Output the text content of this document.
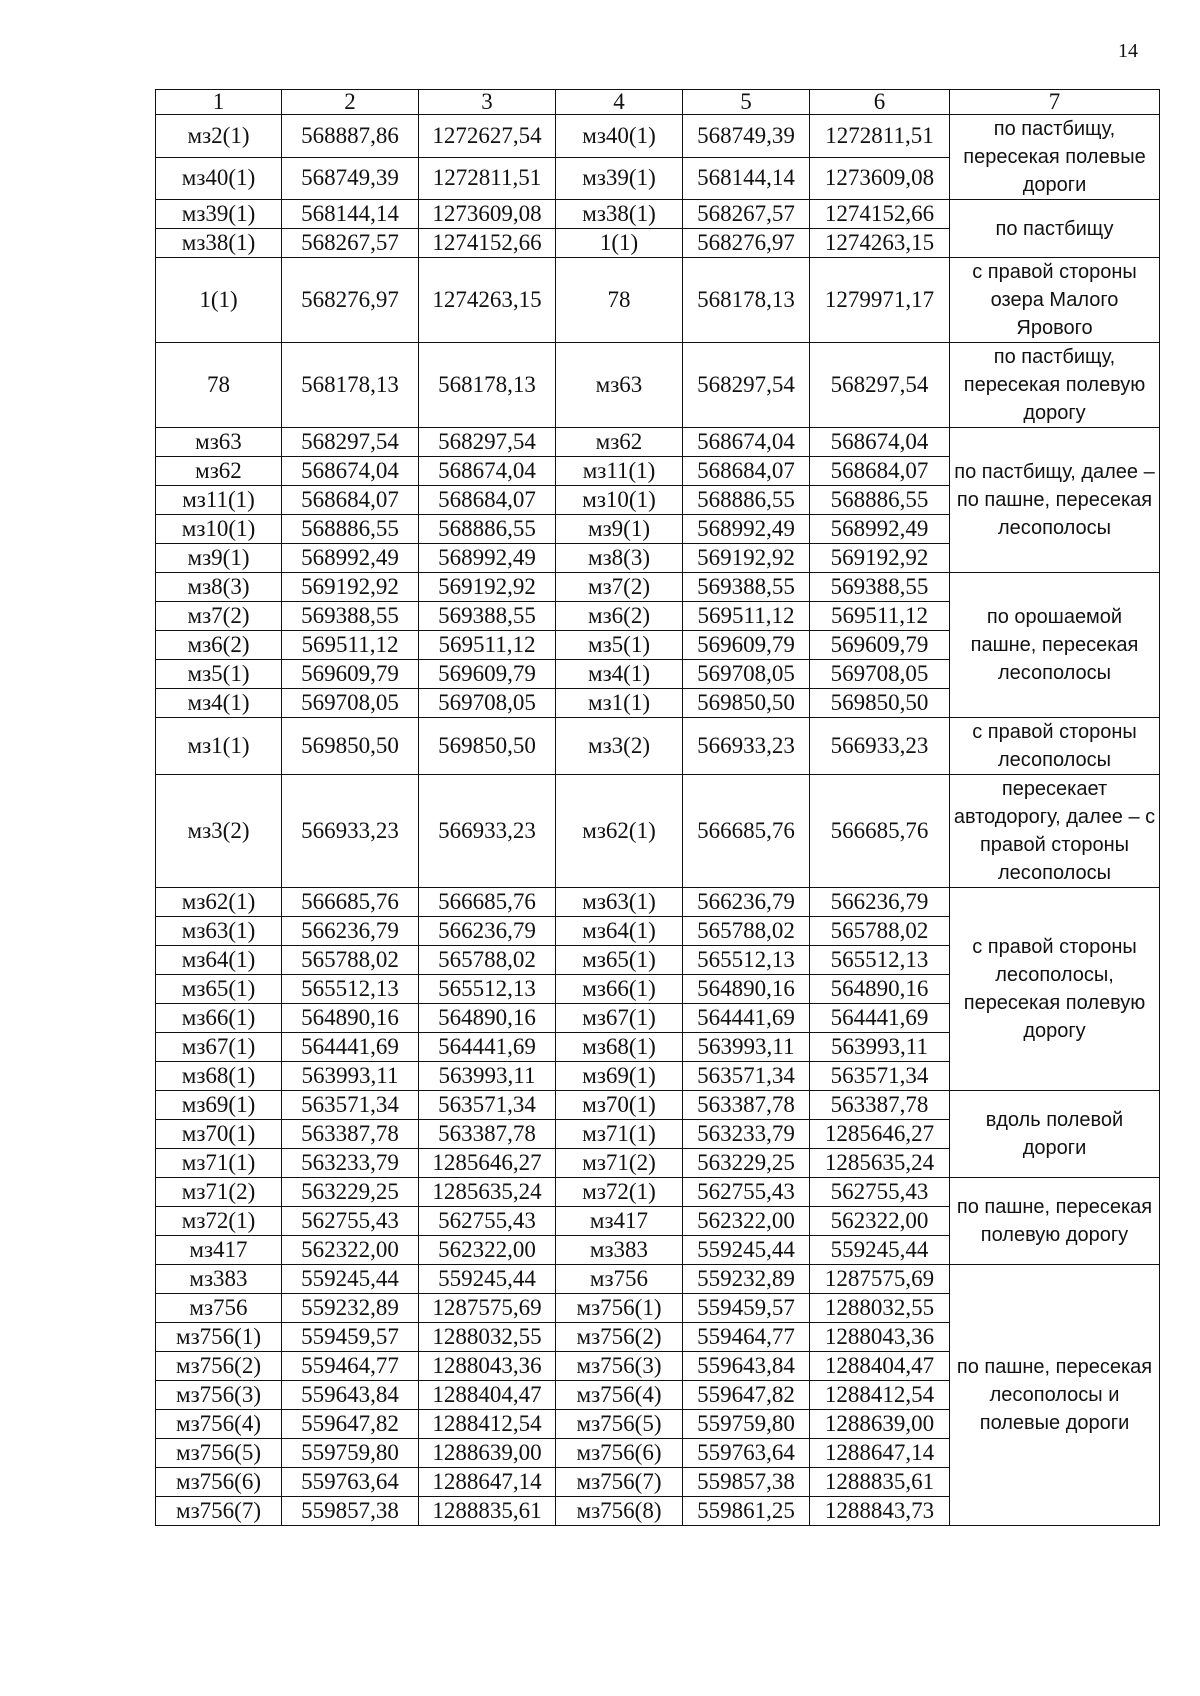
14
1	2	3	4	5	6	7
мз2(1)	568887,86	1272627,54	мз40(1)	568749,39	1272811,51	по пастбищу, пересекая полевые дороги
мз40(1)	568749,39	1272811,51	мз39(1)	568144,14	1273609,08	
мз39(1)	568144,14	1273609,08	мз38(1)	568267,57	1274152,66	по пастбищу
мз38(1)	568267,57	1274152,66	1(1)	568276,97	1274263,15	
1(1)	568276,97	1274263,15	78	568178,13	1279971,17	с правой стороны озера Малого Ярового
78	568178,13	568178,13	мз63	568297,54	568297,54	по пастбищу, пересекая полевую дорогу
мз63	568297,54	568297,54	мз62	568674,04	568674,04	по пастбищу, далее – по пашне, пересекая лесополосы
мз62	568674,04	568674,04	мз11(1)	568684,07	568684,07	
мз11(1)	568684,07	568684,07	мз10(1)	568886,55	568886,55	
мз10(1)	568886,55	568886,55	мз9(1)	568992,49	568992,49	
мз9(1)	568992,49	568992,49	мз8(3)	569192,92	569192,92	
мз8(3)	569192,92	569192,92	мз7(2)	569388,55	569388,55	по орошаемой пашне, пересекая лесополосы
мз7(2)	569388,55	569388,55	мз6(2)	569511,12	569511,12	
мз6(2)	569511,12	569511,12	мз5(1)	569609,79	569609,79	
мз5(1)	569609,79	569609,79	мз4(1)	569708,05	569708,05	
мз4(1)	569708,05	569708,05	мз1(1)	569850,50	569850,50	
мз1(1)	569850,50	569850,50	мз3(2)	566933,23	566933,23	с правой стороны лесополосы
мз3(2)	566933,23	566933,23	мз62(1)	566685,76	566685,76	пересекает автодорогу, далее – с правой стороны лесополосы
мз62(1)	566685,76	566685,76	мз63(1)	566236,79	566236,79	с правой стороны лесополосы, пересекая полевую дорогу
мз63(1)	566236,79	566236,79	мз64(1)	565788,02	565788,02	
мз64(1)	565788,02	565788,02	мз65(1)	565512,13	565512,13	
мз65(1)	565512,13	565512,13	мз66(1)	564890,16	564890,16	
мз66(1)	564890,16	564890,16	мз67(1)	564441,69	564441,69	
мз67(1)	564441,69	564441,69	мз68(1)	563993,11	563993,11	
мз68(1)	563993,11	563993,11	мз69(1)	563571,34	563571,34	
мз69(1)	563571,34	563571,34	мз70(1)	563387,78	563387,78	вдоль полевой дороги
мз70(1)	563387,78	563387,78	мз71(1)	563233,79	1285646,27	
мз71(1)	563233,79	1285646,27	мз71(2)	563229,25	1285635,24	
мз71(2)	563229,25	1285635,24	мз72(1)	562755,43	562755,43	по пашне, пересекая полевую дорогу
мз72(1)	562755,43	562755,43	мз417	562322,00	562322,00	
мз417	562322,00	562322,00	мз383	559245,44	559245,44	
мз383	559245,44	559245,44	мз756	559232,89	1287575,69	по пашне, пересекая лесополосы и полевые дороги
мз756	559232,89	1287575,69	мз756(1)	559459,57	1288032,55	
мз756(1)	559459,57	1288032,55	мз756(2)	559464,77	1288043,36	
мз756(2)	559464,77	1288043,36	мз756(3)	559643,84	1288404,47	
мз756(3)	559643,84	1288404,47	мз756(4)	559647,82	1288412,54	
мз756(4)	559647,82	1288412,54	мз756(5)	559759,80	1288639,00	
мз756(5)	559759,80	1288639,00	мз756(6)	559763,64	1288647,14	
мз756(6)	559763,64	1288647,14	мз756(7)	559857,38	1288835,61	
мз756(7)	559857,38	1288835,61	мз756(8)	559861,25	1288843,73	
